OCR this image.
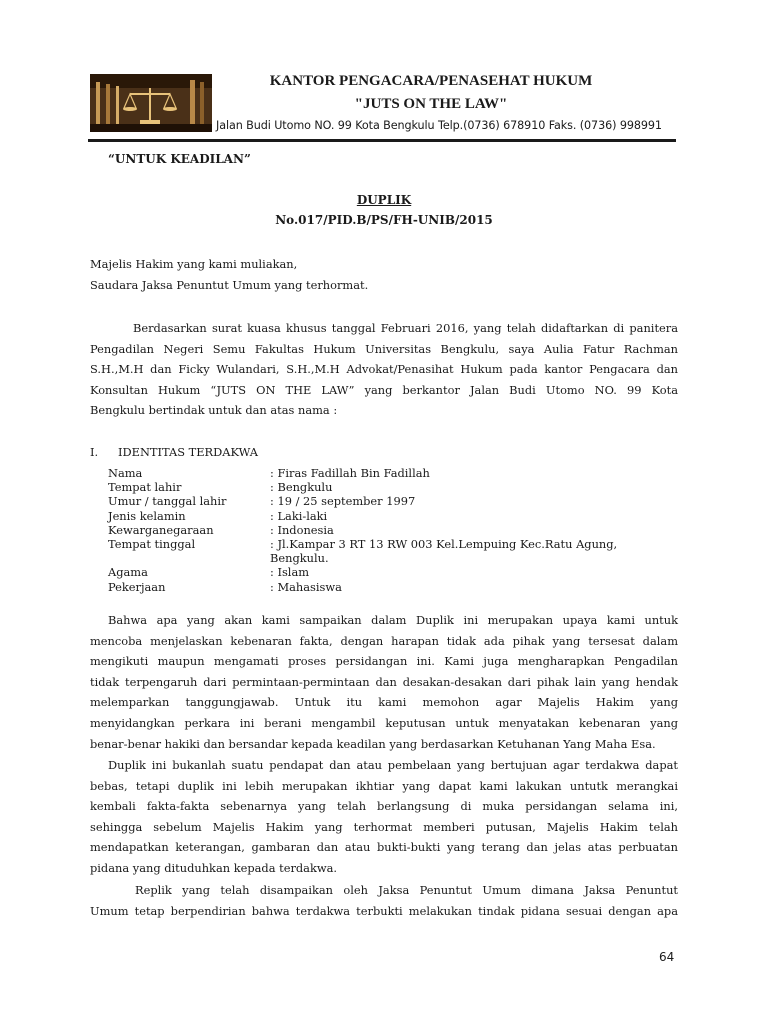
KANTOR PENGACARA/PENASEHAT HUKUM
"JUTS ON THE LAW"
Jalan Budi Utomo NO. 99 Kota Bengkulu Telp.(0736) 678910 Faks. (0736) 998991
“UNTUK KEADILAN”
DUPLIK
No.017/PID.B/PS/FH-UNIB/2015
Majelis Hakim yang kami muliakan,
Saudara Jaksa Penuntut Umum yang terhormat.
Berdasarkan surat kuasa khusus tanggal Februari 2016, yang telah didaftarkan di panitera
Pengadilan Negeri Semu Fakultas Hukum Universitas Bengkulu, saya Aulia Fatur Rachman
S.H.,M.H dan Ficky Wulandari, S.H.,M.H Advokat/Penasihat Hukum pada kantor Pengacara dan
Konsultan Hukum “JUTS ON THE LAW” yang berkantor Jalan Budi Utomo NO. 99 Kota
Bengkulu bertindak untuk dan atas nama :
I. IDENTITAS TERDAKWA
Nama	: Firas Fadillah Bin Fadillah
Tempat lahir	: Bengkulu
Umur / tanggal lahir	: 19 / 25 september 1997
Jenis kelamin	: Laki-laki
Kewarganegaraan	: Indonesia
Tempat tinggal	: Jl.Kampar 3 RT 13 RW 003 Kel.Lempuing Kec.Ratu Agung,
Bengkulu.
Agama	: Islam
Pekerjaan	: Mahasiswa
Bahwa apa yang akan kami sampaikan dalam Duplik ini merupakan upaya kami untuk
mencoba menjelaskan kebenaran fakta, dengan harapan tidak ada pihak yang tersesat dalam
mengikuti maupun mengamati proses persidangan ini. Kami juga mengharapkan Pengadilan
tidak terpengaruh dari permintaan-permintaan dan desakan-desakan dari pihak lain yang hendak
melemparkan tanggungjawab. Untuk itu kami memohon agar Majelis Hakim yang
menyidangkan perkara ini berani mengambil keputusan untuk menyatakan kebenaran yang
benar-benar hakiki dan bersandar kepada keadilan yang berdasarkan Ketuhanan Yang Maha Esa.
Duplik ini bukanlah suatu pendapat dan atau pembelaan yang bertujuan agar terdakwa dapat
bebas, tetapi duplik ini lebih merupakan ikhtiar yang dapat kami lakukan untutk merangkai
kembali fakta-fakta sebenarnya yang telah berlangsung di muka persidangan selama ini,
sehingga sebelum Majelis Hakim yang terhormat memberi putusan, Majelis Hakim telah
mendapatkan keterangan, gambaran dan atau bukti-bukti yang terang dan jelas atas perbuatan
pidana yang dituduhkan kepada terdakwa.
Replik yang telah disampaikan oleh Jaksa Penuntut Umum dimana Jaksa Penuntut
Umum tetap berpendirian bahwa terdakwa terbukti melakukan tindak pidana sesuai dengan apa
64
